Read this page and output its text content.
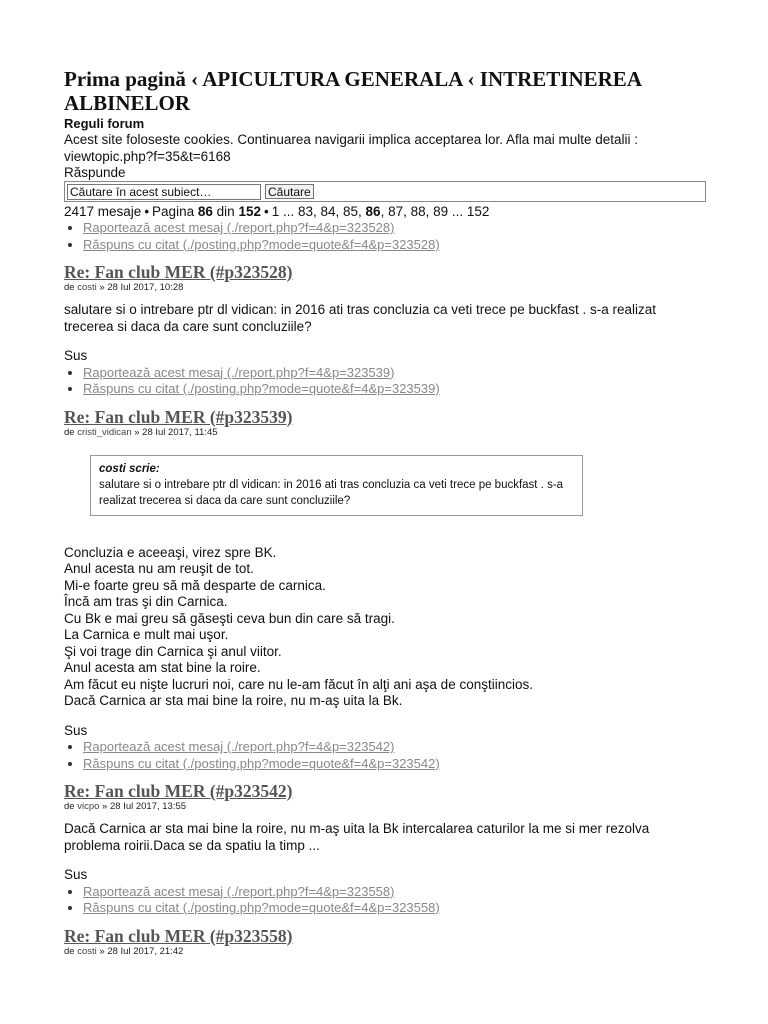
Prima pagină ‹ APICULTURA GENERALA ‹ INTRETINEREA ALBINELOR
Reguli forum
Acest site foloseste cookies. Continuarea navigarii implica acceptarea lor. Afla mai multe detalii : viewtopic.php?f=35&t=6168
Răspunde
Căutare în acest subiect…
Căutare
2417 mesaje • Pagina 86 din 152 • 1 ... 83, 84, 85, 86, 87, 88, 89 ... 152
• Raportează acest mesaj (./report.php?f=4&p=323528)
• Răspuns cu citat (./posting.php?mode=quote&f=4&p=323528)
Re: Fan club MER (#p323528)
de costi » 28 Iul 2017, 10:28
salutare si o intrebare ptr dl vidican: in 2016 ati tras concluzia ca veti trece pe buckfast . s-a realizat trecerea si daca da care sunt concluziile?
Sus
• Raportează acest mesaj (./report.php?f=4&p=323539)
• Răspuns cu citat (./posting.php?mode=quote&f=4&p=323539)
Re: Fan club MER (#p323539)
de cristi_vidican » 28 Iul 2017, 11:45
costi scrie:
salutare si o intrebare ptr dl vidican: in 2016 ati tras concluzia ca veti trece pe buckfast . s-a realizat trecerea si daca da care sunt concluziile?
Concluzia e aceeaşi, virez spre BK.
Anul acesta nu am reuşit de tot.
Mi-e foarte greu să mă desparte de carnica.
Încă am tras şi din Carnica.
Cu Bk e mai greu să găseşti ceva bun din care să tragi.
La Carnica e mult mai uşor.
Şi voi trage din Carnica şi anul viitor.
Anul acesta am stat bine la roire.
Am făcut eu nişte lucruri noi, care nu le-am făcut în alţi ani aşa de conştiincios.
Dacă Carnica ar sta mai bine la roire, nu m-aş uita la Bk.
Sus
• Raportează acest mesaj (./report.php?f=4&p=323542)
• Răspuns cu citat (./posting.php?mode=quote&f=4&p=323542)
Re: Fan club MER (#p323542)
de vicpo » 28 Iul 2017, 13:55
Dacă Carnica ar sta mai bine la roire, nu m-aş uita la Bk intercalarea caturilor la me si mer rezolva problema roirii.Daca se da spatiu la timp ...
Sus
• Raportează acest mesaj (./report.php?f=4&p=323558)
• Răspuns cu citat (./posting.php?mode=quote&f=4&p=323558)
Re: Fan club MER (#p323558)
de costi » 28 Iul 2017, 21:42
